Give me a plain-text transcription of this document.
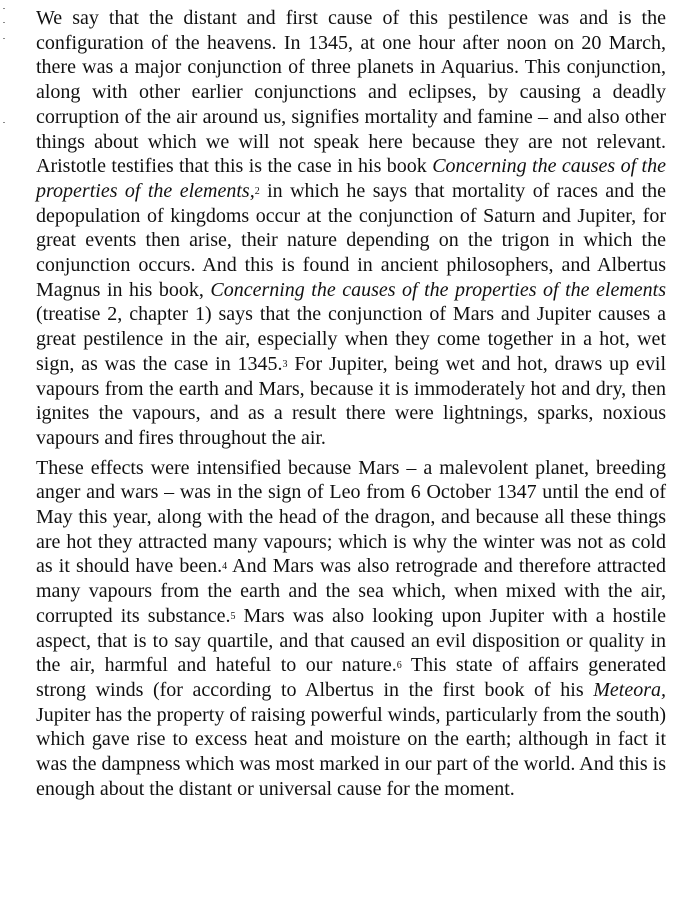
We say that the distant and first cause of this pestilence was and is the configuration of the heavens. In 1345, at one hour after noon on 20 March, there was a major conjunction of three planets in Aquarius. This conjunction, along with other earlier conjunctions and eclipses, by causing a deadly corruption of the air around us, signifies mortality and famine – and also other things about which we will not speak here because they are not relevant. Aristotle testifies that this is the case in his book Concerning the causes of the properties of the elements,$^2$ in which he says that mortality of races and the depopulation of kingdoms occur at the conjunction of Saturn and Jupiter, for great events then arise, their nature depending on the trigon in which the conjunction occurs. And this is found in ancient philosophers, and Albertus Magnus in his book, Concerning the causes of the properties of the elements (treatise 2, chapter 1) says that the conjunction of Mars and Jupiter causes a great pestilence in the air, especially when they come together in a hot, wet sign, as was the case in 1345.$^3$ For Jupiter, being wet and hot, draws up evil vapours from the earth and Mars, because it is immoderately hot and dry, then ignites the vapours, and as a result there were lightnings, sparks, noxious vapours and fires throughout the air.

These effects were intensified because Mars – a malevolent planet, breeding anger and wars – was in the sign of Leo from 6 October 1347 until the end of May this year, along with the head of the dragon, and because all these things are hot they attracted many vapours; which is why the winter was not as cold as it should have been.$^4$ And Mars was also retrograde and therefore attracted many vapours from the earth and the sea which, when mixed with the air, corrupted its substance.$^5$ Mars was also looking upon Jupiter with a hostile aspect, that is to say quartile, and that caused an evil disposition or quality in the air, harmful and hateful to our nature.$^6$ This state of affairs generated strong winds (for according to Albertus in the first book of his Meteora, Jupiter has the property of raising powerful winds, particularly from the south) which gave rise to excess heat and moisture on the earth; although in fact it was the dampness which was most marked in our part of the world. And this is enough about the distant or universal cause for the moment.
